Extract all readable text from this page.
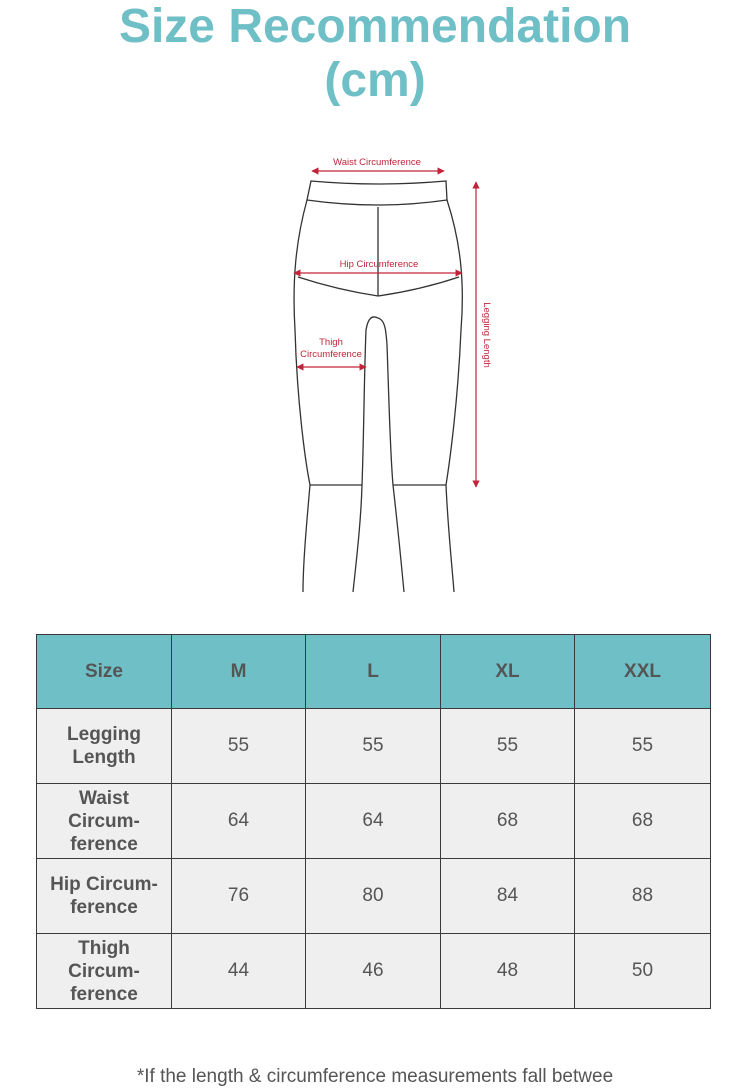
Size Recommendation
(cm)
Waist Circumference
Hip Circumference
Thigh
Circumference	Legging Length
Size	M	L	XL	XXL

Legging
Length	55	55	55	55

Waist
Circum-
ference	64	64	68	68

Hip Circum-
ference	76	80	84	88

Thigh
Circum-
ference	44	46	48	50
*If the length & circumference measurements fall betwee
